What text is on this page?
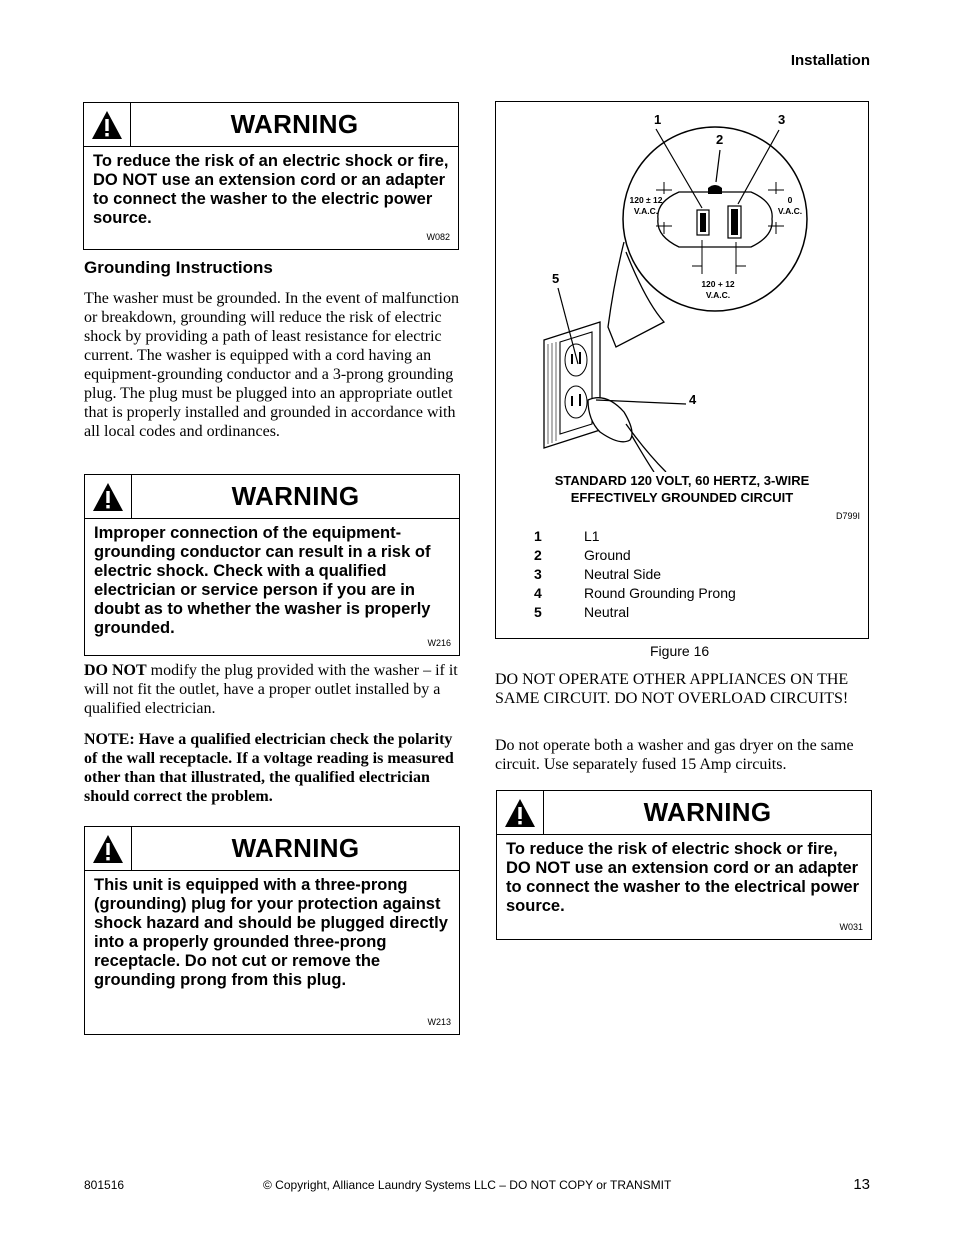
Installation
WARNING
To reduce the risk of an electric shock or fire, DO NOT use an extension cord or an adapter to connect the washer to the electric power source.
W082
Grounding Instructions
The washer must be grounded. In the event of malfunction or breakdown, grounding will reduce the risk of electric shock by providing a path of least resistance for electric current. The washer is equipped with a cord having an equipment-grounding conductor and a 3-prong grounding plug. The plug must be plugged into an appropriate outlet that is properly installed and grounded in accordance with all local codes and ordinances.
WARNING
Improper connection of the equipment-grounding conductor can result in a risk of electric shock. Check with a qualified electrician or service person if you are in doubt as to whether the washer is properly grounded.
W216
DO NOT modify the plug provided with the washer – if it will not fit the outlet, have a proper outlet installed by a qualified electrician.
NOTE: Have a qualified electrician check the polarity of the wall receptacle. If a voltage reading is measured other than that illustrated, the qualified electrician should correct the problem.
WARNING
This unit is equipped with a three-prong (grounding) plug for your protection against shock hazard and should be plugged directly into a properly grounded three-prong receptacle. Do not cut or remove the grounding prong from this plug.
W213
1
2
3
4
5
120 ± 12
V.A.C.
0
V.A.C.
120 + 12
V.A.C.
STANDARD 120 VOLT, 60 HERTZ, 3-WIRE
EFFECTIVELY GROUNDED CIRCUIT
D799I
1	L1
2	Ground
3	Neutral Side
4	Round Grounding Prong
5	Neutral
Figure 16
DO NOT OPERATE OTHER APPLIANCES ON THE SAME CIRCUIT. DO NOT OVERLOAD CIRCUITS!
Do not operate both a washer and gas dryer on the same circuit. Use separately fused 15 Amp circuits.
WARNING
To reduce the risk of electric shock or fire, DO NOT use an extension cord or an adapter to connect the washer to the electrical power source.
W031
801516	© Copyright, Alliance Laundry Systems LLC – DO NOT COPY or TRANSMIT	13
